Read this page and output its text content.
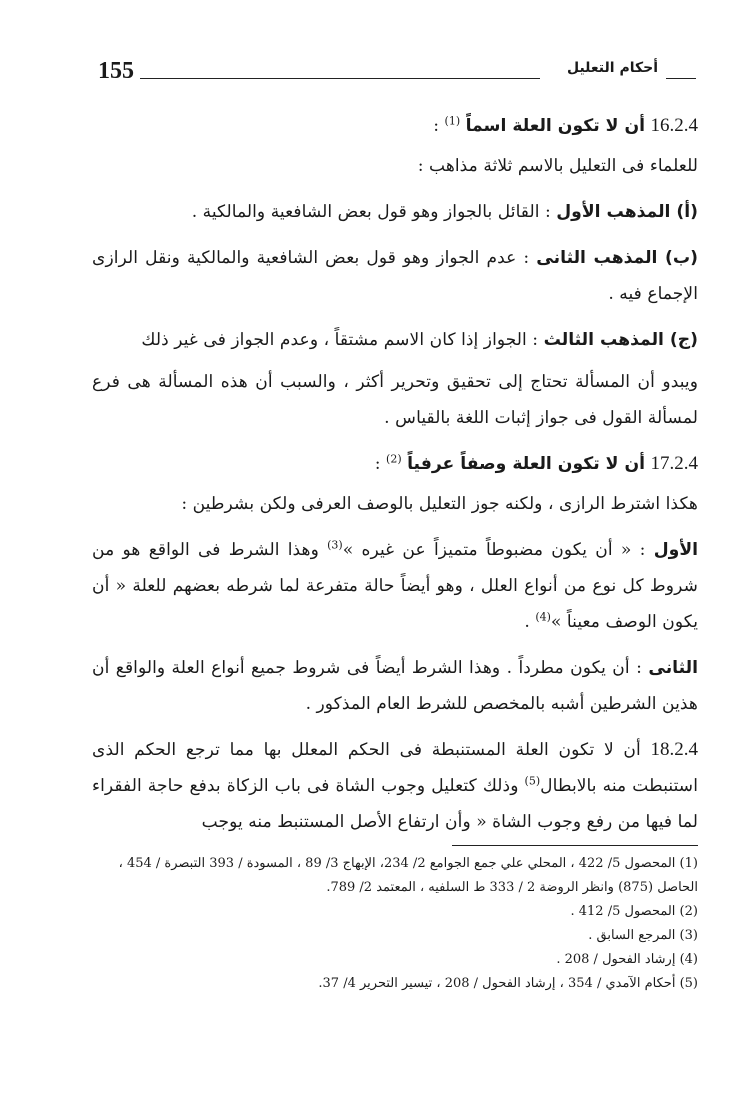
155	أحكام التعليل

16.2.4 أن لا تكون العلة اسماً $^{(1)}$ :

للعلماء فى التعليل بالاسم ثلاثة مذاهب :

(أ) المذهب الأول : القائل بالجواز وهو قول بعض الشافعية والمالكية .

(ب) المذهب الثانى : عدم الجواز وهو قول بعض الشافعية والمالكية ونقل الرازى الإجماع فيه .

(ج) المذهب الثالث : الجواز إذا كان الاسم مشتقاً ، وعدم الجواز فى غير ذلك

ويبدو أن المسألة تحتاج إلى تحقيق وتحرير أكثر ، والسبب أن هذه المسألة هى فرع لمسألة القول فى جواز إثبات اللغة بالقياس .

17.2.4 أن لا تكون العلة وصفاً عرفياً $^{(2)}$ :

هكذا اشترط الرازى ، ولكنه جوز التعليل بالوصف العرفى ولكن بشرطين :

الأول : « أن يكون مضبوطاً متميزاً عن غيره »$^{(3)}$ وهذا الشرط فى الواقع هو من شروط كل نوع من أنواع العلل ، وهو أيضاً حالة متفرعة لما شرطه بعضهم للعلة « أن يكون الوصف معيناً »$^{(4)}$ .

الثانى : أن يكون مطرداً . وهذا الشرط أيضاً فى شروط جميع أنواع العلة والواقع أن هذين الشرطين أشبه بالمخصص للشرط العام المذكور .

18.2.4 أن لا تكون العلة المستنبطة فى الحكم المعلل بها مما ترجع الحكم الذى استنبطت منه بالابطال$^{(5)}$ وذلك كتعليل وجوب الشاة فى باب الزكاة بدفع حاجة الفقراء لما فيها من رفع وجوب الشاة « وأن ارتفاع الأصل المستنبط منه يوجب

(1) المحصول 5/ 422 ، المحلي علي جمع الجوامع 2/ 234، الإبهاج 3/ 89 ، المسودة / 393 التبصرة / 454 ، الحاصل (875) وانظر الروضة 2 / 333 ط السلفيه ، المعتمد 2/ 789.

(2) المحصول 5/ 412 .

(3) المرجع السابق .

(4) إرشاد الفحول / 208 .

(5) أحكام الآمدي / 354 ، إرشاد الفحول / 208 ، تيسير التحرير 4/ 37.
